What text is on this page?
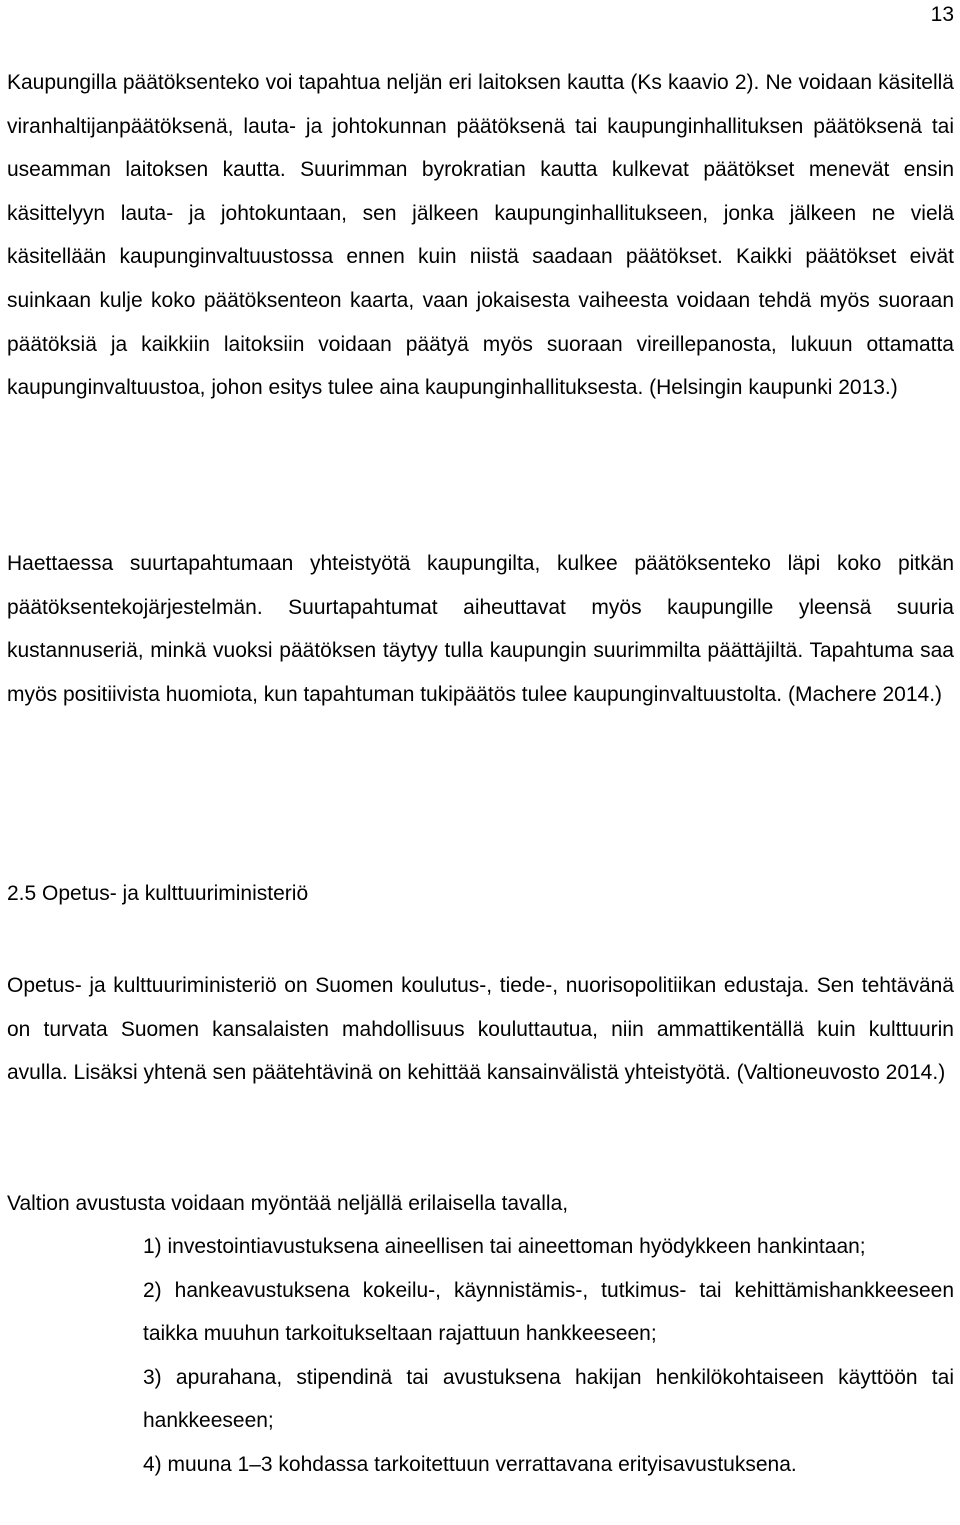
13

Kaupungilla päätöksenteko voi tapahtua neljän eri laitoksen kautta (Ks kaavio 2). Ne voidaan käsitellä viranhaltijanpäätöksenä, lauta- ja johtokunnan päätöksenä tai kaupunginhallituksen päätöksenä tai useamman laitoksen kautta. Suurimman byrokratian kautta kulkevat päätökset menevät ensin käsittelyyn lauta- ja johtokuntaan, sen jälkeen kaupunginhallitukseen, jonka jälkeen ne vielä käsitellään kaupunginvaltuustossa ennen kuin niistä saadaan päätökset. Kaikki päätökset eivät suinkaan kulje koko päätöksenteon kaarta, vaan jokaisesta vaiheesta voidaan tehdä myös suoraan päätöksiä ja kaikkiin laitoksiin voidaan päätyä myös suoraan vireillepanosta, lukuun ottamatta kaupunginvaltuustoa, johon esitys tulee aina kaupunginhallituksesta. (Helsingin kaupunki 2013.)

Haettaessa suurtapahtumaan yhteistyötä kaupungilta, kulkee päätöksenteko läpi koko pitkän päätöksentekojärjestelmän. Suurtapahtumat aiheuttavat myös kaupungille yleensä suuria kustannuseriä, minkä vuoksi päätöksen täytyy tulla kaupungin suurimmilta päättäjiltä. Tapahtuma saa myös positiivista huomiota, kun tapahtuman tukipäätös tulee kaupunginvaltuustolta. (Machere 2014.)

2.5 Opetus- ja kulttuuriministeriö

Opetus- ja kulttuuriministeriö on Suomen koulutus-, tiede-, nuorisopolitiikan edustaja. Sen tehtävänä on turvata Suomen kansalaisten mahdollisuus kouluttautua, niin ammattikentällä kuin kulttuurin avulla. Lisäksi yhtenä sen päätehtävinä on kehittää kansainvälistä yhteistyötä. (Valtioneuvosto 2014.)

Valtion avustusta voidaan myöntää neljällä erilaisella tavalla,

1) investointiavustuksena aineellisen tai aineettoman hyödykkeen hankintaan;
2) hankeavustuksena kokeilu-, käynnistämis-, tutkimus- tai kehittämishankkeeseen taikka muuhun tarkoitukseltaan rajattuun hankkeeseen;
3) apurahana, stipendinä tai avustuksena hakijan henkilökohtaiseen käyttöön tai hankkeeseen;
4) muuna 1–3 kohdassa tarkoitettuun verrattavana erityisavustuksena.
